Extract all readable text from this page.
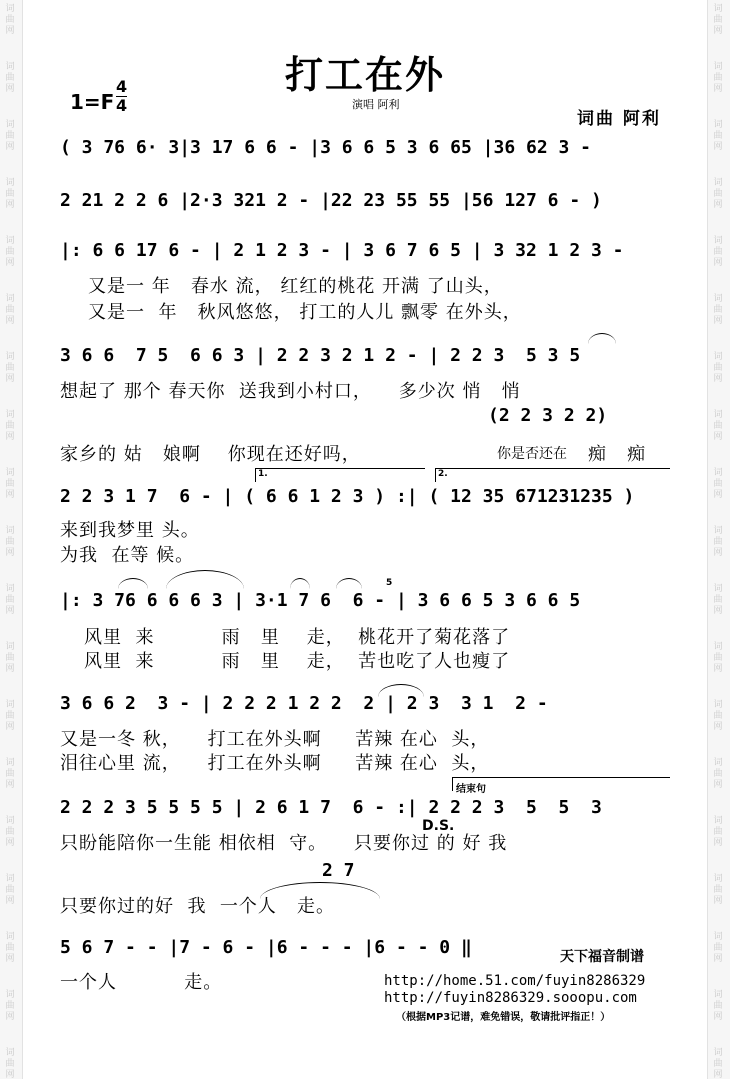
词
曲
网
词
曲
网
词
曲
网
词
曲
网
词
曲
网
词
曲
网
词
曲
网
词
曲
网
词
曲
网
词
曲
网
词
曲
网
词
曲
网
词
曲
网
词
曲
网
词
曲
网
词
曲
网
词
曲
网
词
曲
网
词
曲
网
词
曲
网
词
曲
网
词
曲
网
词
曲
网
词
曲
网
词
曲
网
词
曲
网
词
曲
网
词
曲
网
词
曲
网
词
曲
网
词
曲
网
词
曲
网
词
曲
网
词
曲
网
词
曲
网
词
曲
网
词
曲
网
词
曲
网
打工在外
1=F
4
4	演唱 阿利
词曲 阿利
( 3 76 6· 3|3 17 6 6 - |3 6 6 5 3 6 65 |36 62 3 -
2 21 2 2 6 |2·3 321 2 - |22 23 55 55 |56 127 6 - )
|: 6 6 17 6 - | 2 1 2 3 - | 3 6 7 6 5 | 3 32 1 2 3 -
又是一 年   春水 流， 红红的桃花 开满 了山头，
又是一  年   秋风悠悠， 打工的人儿 飘零 在外头，
3 6 6  7 5  6 6 3 | 2 2 3 2 1 2 - | 2 2 3  5 3 5
想起了 那个 春天你  送我到小村口，    多少次 悄   悄
(2 2 3 2 2)
家乡的 姑   娘啊    你现在还好吗，	你是否还在 痴   痴
1.	2.
2 2 3 1 7  6 - | ( 6 6 1 2 3 ) :| ( 12 35 671231235 )
来到我梦里 头。
为我  在等 候。
5
|: 3 76 6 6 6 3 | 3·1 7 6  6 - | 3 6 6 5 3 6 6 5
风里  来          雨   里    走，  桃花开了菊花落了
风里  来          雨   里    走，  苦也吃了人也瘦了
3 6 6 2  3 - | 2 2 2 1 2 2  2 | 2 3  3 1  2 -
又是一冬 秋，    打工在外头啊     苦辣 在心  头，
泪往心里 流，    打工在外头啊     苦辣 在心  头，
结束句
2 2 2 3 5 5 5 5 | 2 6 1 7  6 - :| 2 2 2 3  5  5  3
D.S.
只盼能陪你一生能 相依相  守。    只要你过 的 好 我
2 7
只要你过的好  我  一个人   走。
5 6 7 - - |7 - 6 - |6 - - - |6 - - 0 ‖	天下福音制谱
一个人          走。	http://home.51.com/fuyin8286329
http://fuyin8286329.sooopu.com
（根据MP3记谱，难免错误，敬请批评指正！）
